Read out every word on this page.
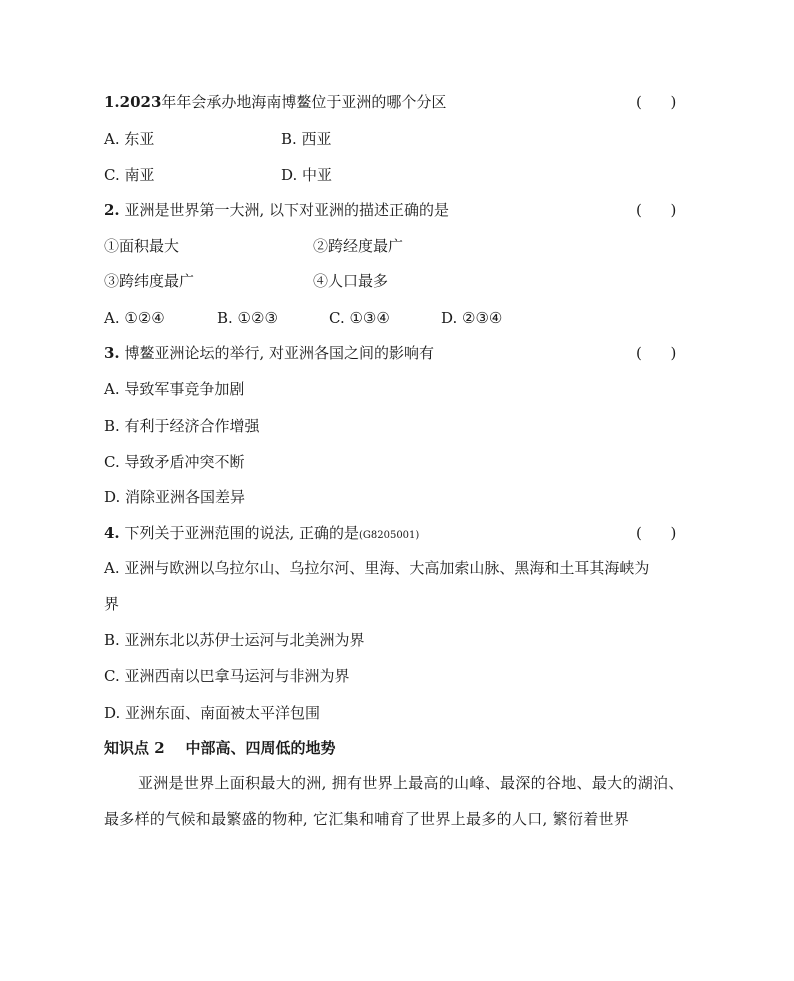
1.2023年年会承办地海南博鳌位于亚洲的哪个分区	(      )
A. 东亚	B. 西亚
C. 南亚	D. 中亚
2. 亚洲是世界第一大洲, 以下对亚洲的描述正确的是	(      )
①面积最大	②跨经度最广
③跨纬度最广	④人口最多
A. ①②④	B. ①②③	C. ①③④	D. ②③④
3. 博鳌亚洲论坛的举行, 对亚洲各国之间的影响有	(      )
A. 导致军事竞争加剧
B. 有利于经济合作增强
C. 导致矛盾冲突不断
D. 消除亚洲各国差异
4. 下列关于亚洲范围的说法, 正确的是(G8205001)	(      )
A. 亚洲与欧洲以乌拉尔山、乌拉尔河、里海、大高加索山脉、黑海和土耳其海峡为
界
B. 亚洲东北以苏伊士运河与北美洲为界
C. 亚洲西南以巴拿马运河与非洲为界
D. 亚洲东面、南面被太平洋包围
知识点 2    中部高、四周低的地势
亚洲是世界上面积最大的洲, 拥有世界上最高的山峰、最深的谷地、最大的湖泊、最多样的气候和最繁盛的物种, 它汇集和哺育了世界上最多的人口, 繁衍着世界
